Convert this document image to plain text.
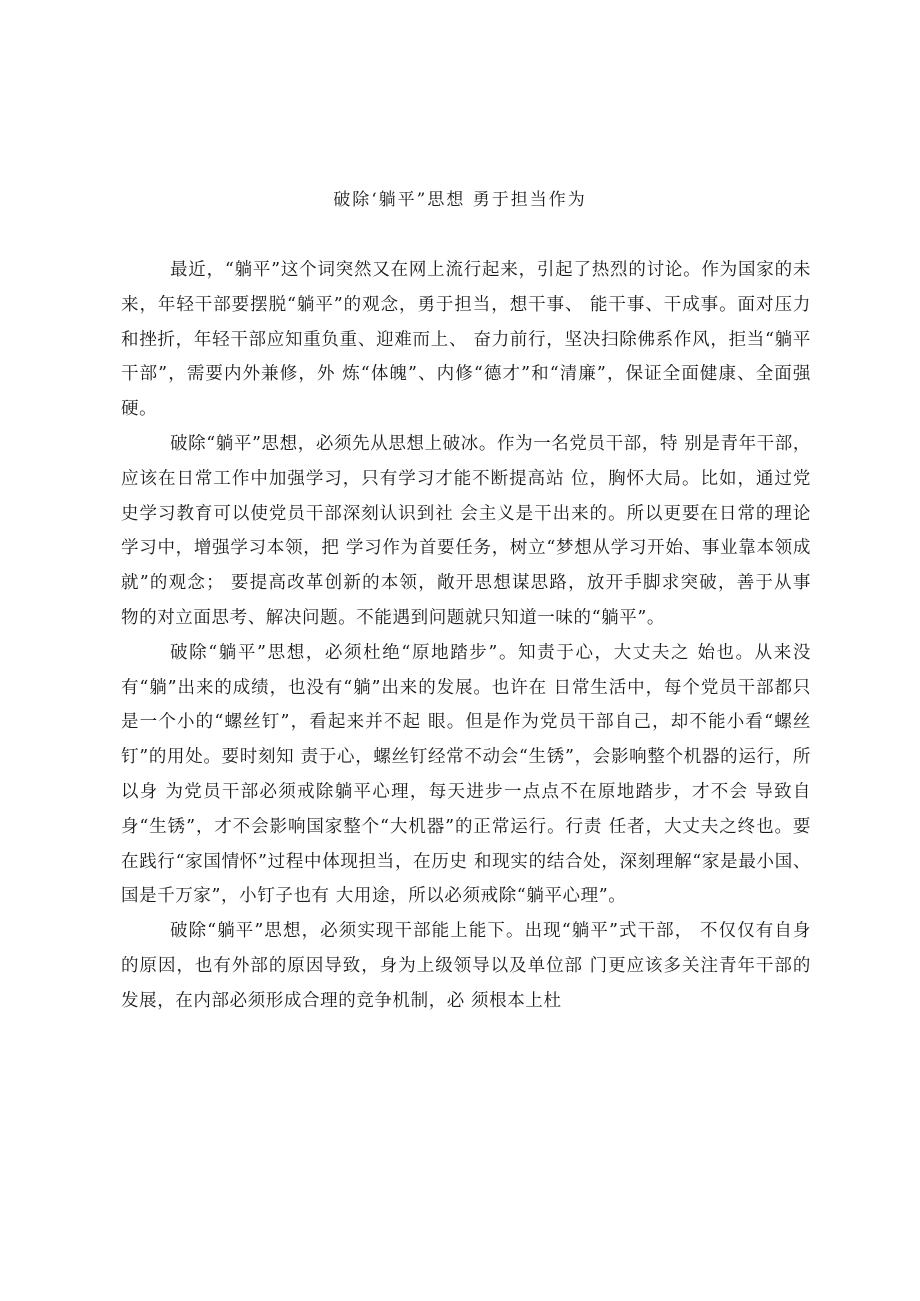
破除‘躺平”思想 勇于担当作为

最近，“躺平”这个词突然又在网上流行起来，引起了热烈的讨论。作为国家的未来，年轻干部要摆脱“躺平”的观念，勇于担当，想干事、 能干事、干成事。面对压力和挫折，年轻干部应知重负重、迎难而上、 奋力前行，坚决扫除佛系作风，拒当“躺平干部”，需要内外兼修，外 炼“体魄”、内修“德才”和“清廉”，保证全面健康、全面强硬。

破除“躺平”思想，必须先从思想上破冰。作为一名党员干部，特 别是青年干部，应该在日常工作中加强学习，只有学习才能不断提高站 位，胸怀大局。比如，通过党史学习教育可以使党员干部深刻认识到社 会主义是干出来的。所以更要在日常的理论学习中，增强学习本领，把 学习作为首要任务，树立“梦想从学习开始、事业靠本领成就”的观念； 要提高改革创新的本领，敞开思想谋思路，放开手脚求突破，善于从事 物的对立面思考、解决问题。不能遇到问题就只知道一味的“躺平”。

破除“躺平”思想，必须杜绝“原地踏步”。知责于心，大丈夫之 始也。从来没有“躺”出来的成绩，也没有“躺”出来的发展。也许在 日常生活中，每个党员干部都只是一个小的“螺丝钉”，看起来并不起 眼。但是作为党员干部自己，却不能小看“螺丝钉”的用处。要时刻知 责于心，螺丝钉经常不动会“生锈”，会影响整个机器的运行，所以身 为党员干部必须戒除躺平心理，每天进步一点点不在原地踏步，才不会 导致自身“生锈”，才不会影响国家整个“大机器”的正常运行。行责 任者，大丈夫之终也。要在践行“家国情怀”过程中体现担当，在历史 和现实的结合处，深刻理解“家是最小国、国是千万家”，小钉子也有 大用途，所以必须戒除“躺平心理”。

破除“躺平”思想，必须实现干部能上能下。出现“躺平”式干部， 不仅仅有自身的原因，也有外部的原因导致，身为上级领导以及单位部 门更应该多关注青年干部的发展，在内部必须形成合理的竞争机制，必 须根本上杜
